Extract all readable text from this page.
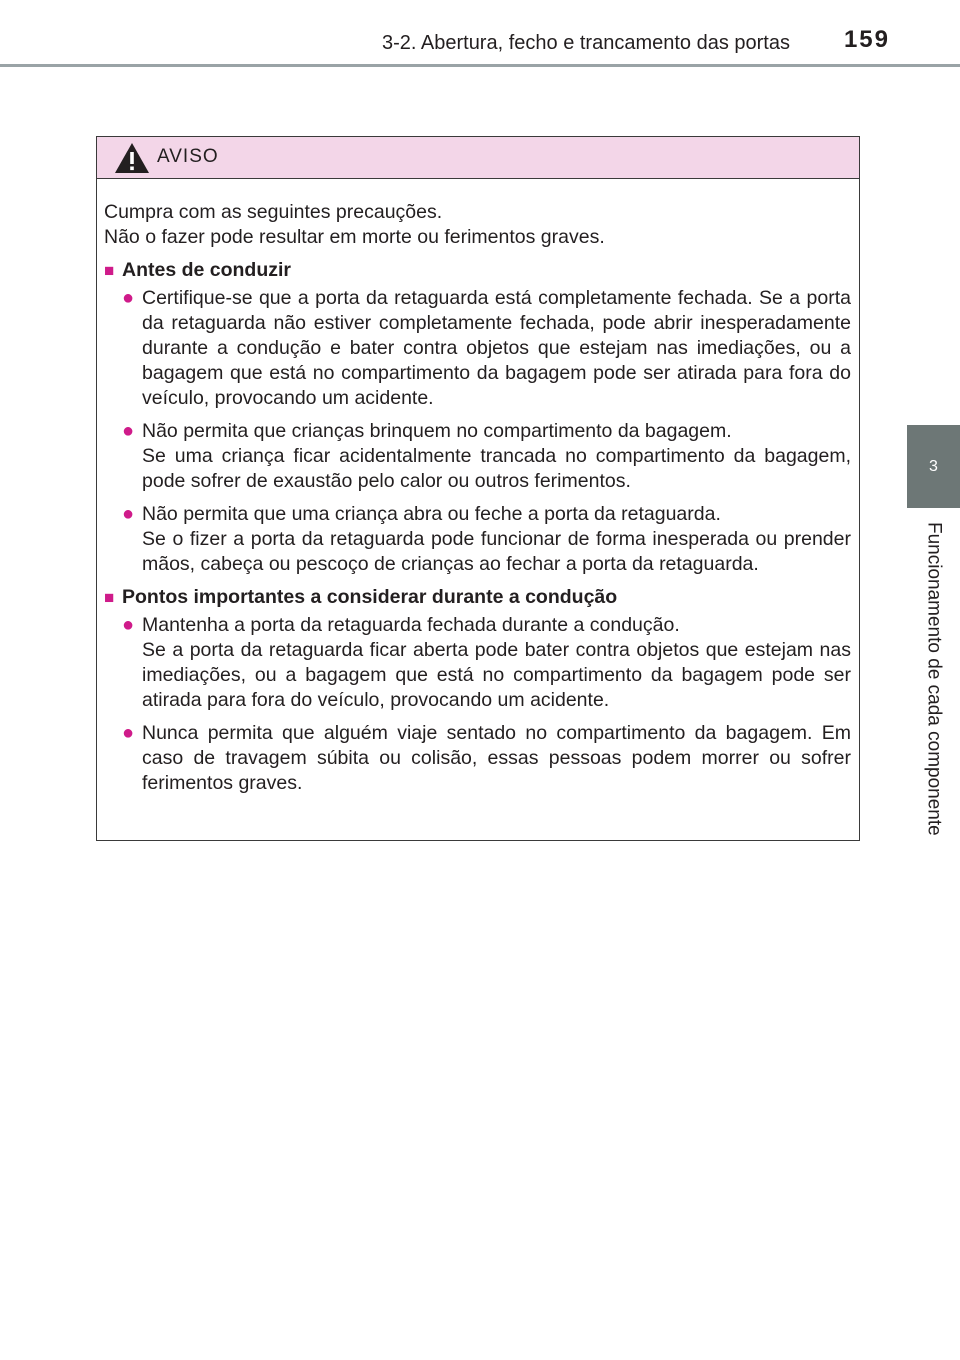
3-2. Abertura, fecho e trancamento das portas 159
3
Funcionamento de cada componente
AVISO

Cumpra com as seguintes precauções.

Não o fazer pode resultar em morte ou ferimentos graves.

■ Antes de conduzir
● Certifique-se que a porta da retaguarda está completamente fechada. Se a porta da retaguarda não estiver completamente fechada, pode abrir inesperadamente durante a condução e bater contra objetos que estejam nas imediações, ou a bagagem que está no compartimento da bagagem pode ser atirada para fora do veículo, provocando um acidente.

● Não permita que crianças brinquem no compartimento da bagagem.

Se uma criança ficar acidentalmente trancada no compartimento da bagagem, pode sofrer de exaustão pelo calor ou outros ferimentos.

● Não permita que uma criança abra ou feche a porta da retaguarda.

Se o fizer a porta da retaguarda pode funcionar de forma inesperada ou prender mãos, cabeça ou pescoço de crianças ao fechar a porta da retaguarda.

■ Pontos importantes a considerar durante a condução
● Mantenha a porta da retaguarda fechada durante a condução.

Se a porta da retaguarda ficar aberta pode bater contra objetos que estejam nas imediações, ou a bagagem que está no compartimento da bagagem pode ser atirada para fora do veículo, provocando um acidente.

● Nunca permita que alguém viaje sentado no compartimento da bagagem. Em caso de travagem súbita ou colisão, essas pessoas podem morrer ou sofrer ferimentos graves.
